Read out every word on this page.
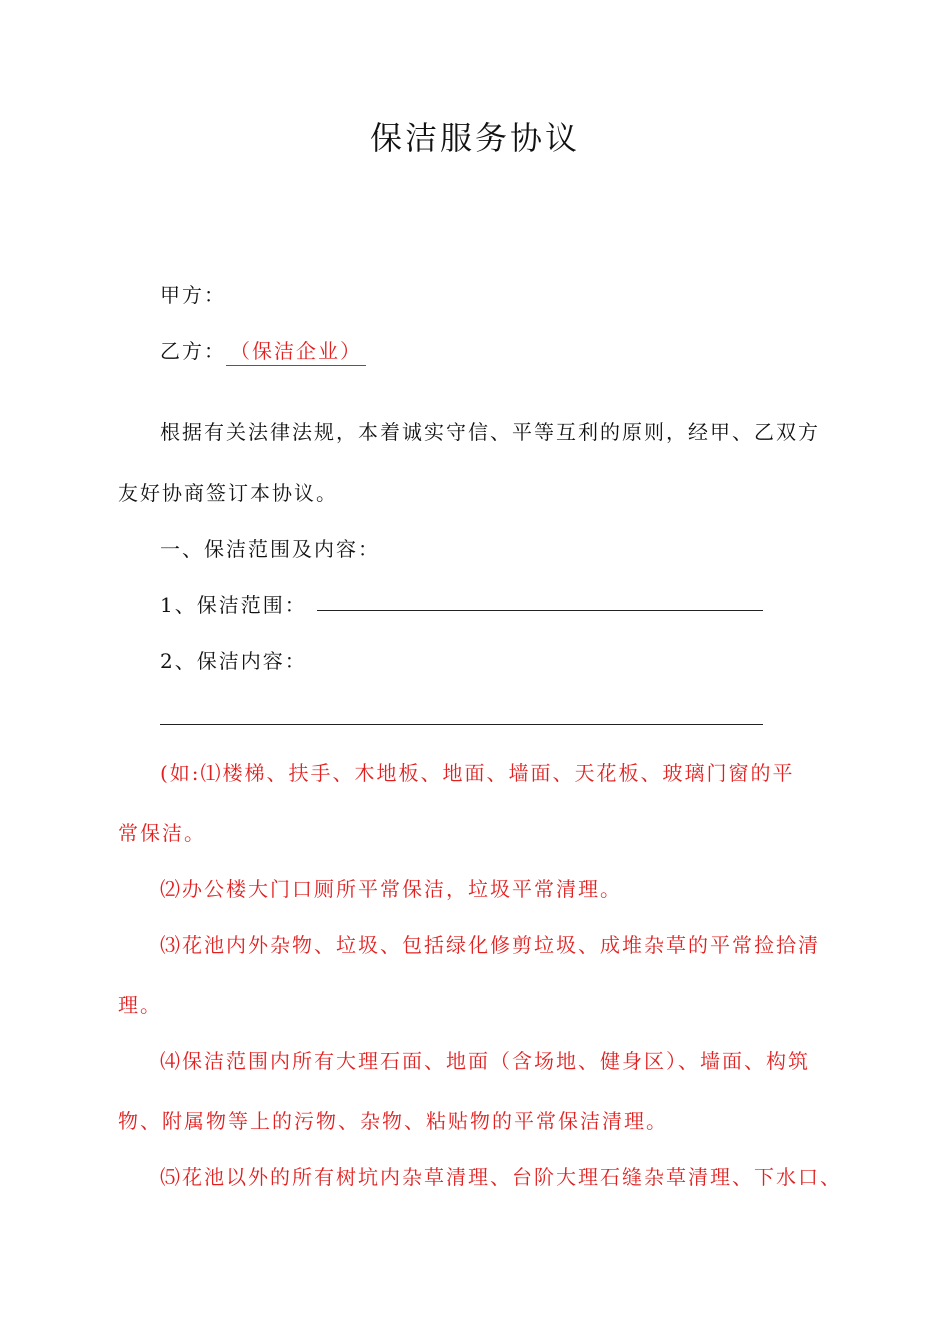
保洁服务协议
甲方：
乙方： （保洁企业）
根据有关法律法规，本着诚实守信、平等互利的原则，经甲、乙双方
友好协商签订本协议。
一、保洁范围及内容：
1、保洁范围：
2、保洁内容：
(如:⑴楼梯、扶手、木地板、地面、墙面、天花板、玻璃门窗的平
常保洁。
⑵办公楼大门口厕所平常保洁，垃圾平常清理。
⑶花池内外杂物、垃圾、包括绿化修剪垃圾、成堆杂草的平常捡拾清
理。
⑷保洁范围内所有大理石面、地面（含场地、健身区）、墙面、构筑
物、附属物等上的污物、杂物、粘贴物的平常保洁清理。
⑸花池以外的所有树坑内杂草清理、台阶大理石缝杂草清理、下水口、
